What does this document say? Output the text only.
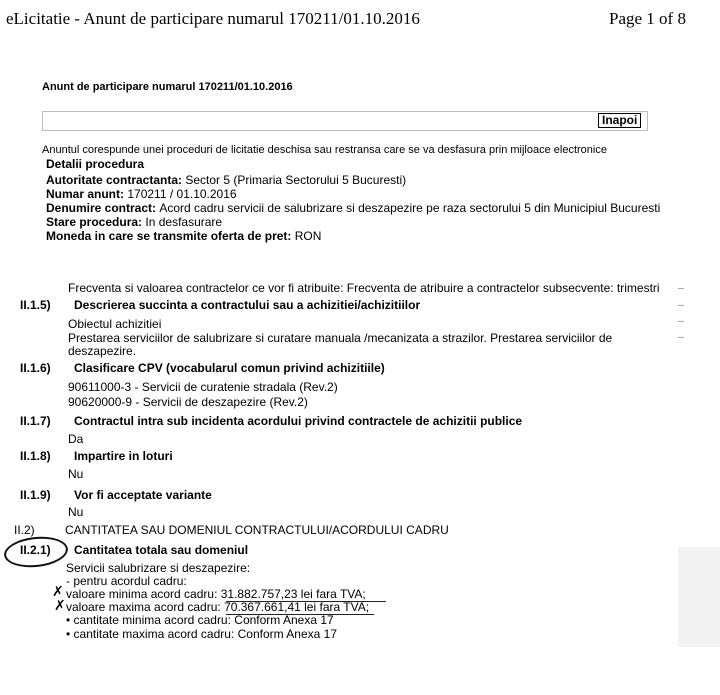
eLicitatie - Anunt de participare numarul 170211/01.10.2016	Page 1 of 8
Anunt de participare numarul 170211/01.10.2016
Inapoi
Anuntul corespunde unei proceduri de licitatie deschisa sau restransa care se va desfasura prin mijloace electronice
Detalii procedura
Autoritate contractanta: Sector 5 (Primaria Sectorului 5 Bucuresti)
Numar anunt: 170211 / 01.10.2016
Denumire contract: Acord cadru servicii de salubrizare si deszapezire pe raza sectorului 5 din Municipiul Bucuresti
Stare procedura: In desfasurare
Moneda in care se transmite oferta de pret: RON
Frecventa si valoarea contractelor ce vor fi atribuite: Frecventa de atribuire a contractelor subsecvente: trimestri
II.1.5) Descrierea succinta a contractului sau a achizitiei/achizitiilor
Obiectul achizitiei
Prestarea serviciilor de salubrizare si curatare manuala /mecanizata a strazilor. Prestarea serviciilor de
deszapezire.
II.1.6) Clasificare CPV (vocabularul comun privind achizitiile)
90611000-3 - Servicii de curatenie stradala (Rev.2)
90620000-9 - Servicii de deszapezire (Rev.2)
II.1.7) Contractul intra sub incidenta acordului privind contractele de achizitii publice
Da
II.1.8) Impartire in loturi
Nu
II.1.9) Vor fi acceptate variante
Nu
II.2)	CANTITATEA SAU DOMENIUL CONTRACTULUI/ACORDULUI CADRU
II.2.1) Cantitatea totala sau domeniul
Servicii salubrizare si deszapezire:
- pentru acordul cadru:
✗ valoare minima acord cadru: 31.882.757,23 lei fara TVA;
✗ valoare maxima acord cadru: 70.367.661,41 lei fara TVA;
• cantitate minima acord cadru: Conform Anexa 17
• cantitate maxima acord cadru: Conform Anexa 17
